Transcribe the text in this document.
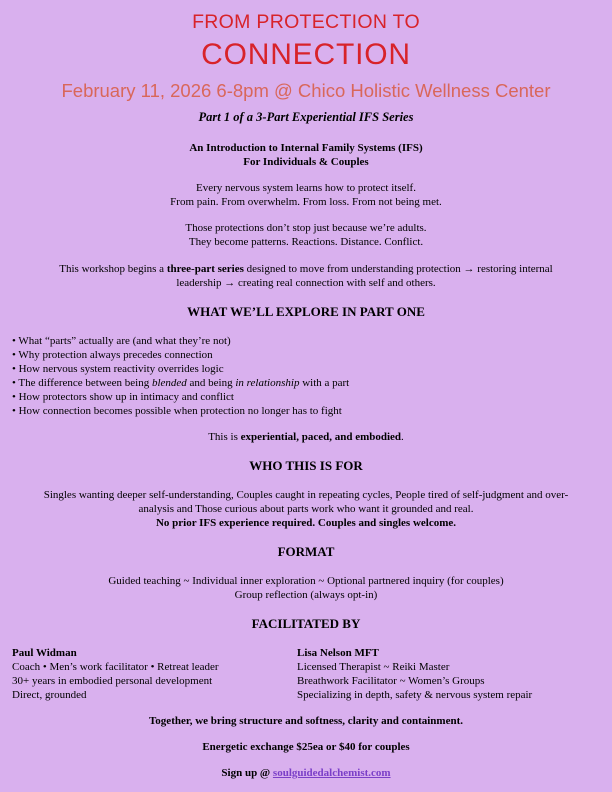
FROM PROTECTION TO
CONNECTION
February 11, 2026 6-8pm @ Chico Holistic Wellness Center
Part 1 of a 3-Part Experiential IFS Series
An Introduction to Internal Family Systems (IFS)
For Individuals & Couples
Every nervous system learns how to protect itself.
From pain. From overwhelm. From loss. From not being met.
Those protections don’t stop just because we’re adults.
They become patterns. Reactions. Distance. Conflict.
This workshop begins a three-part series designed to move from understanding protection → restoring internal
leadership → creating real connection with self and others.
WHAT WE’LL EXPLORE IN PART ONE
• What “parts” actually are (and what they’re not)
• Why protection always precedes connection
• How nervous system reactivity overrides logic
• The difference between being blended and being in relationship with a part
• How protectors show up in intimacy and conflict
• How connection becomes possible when protection no longer has to fight
This is experiential, paced, and embodied.
WHO THIS IS FOR
Singles wanting deeper self-understanding, Couples caught in repeating cycles, People tired of self-judgment and over-
analysis and Those curious about parts work who want it grounded and real.
No prior IFS experience required. Couples and singles welcome.
FORMAT
Guided teaching ~ Individual inner exploration ~ Optional partnered inquiry (for couples)
Group reflection (always opt-in)
FACILITATED BY
Paul Widman
Coach • Men’s work facilitator • Retreat leader
30+ years in embodied personal development
Direct, grounded
Lisa Nelson MFT
Licensed Therapist ~ Reiki Master
Breathwork Facilitator ~ Women’s Groups
Specializing in depth, safety & nervous system repair
Together, we bring structure and softness, clarity and containment.
Energetic exchange $25ea or $40 for couples
Sign up @ soulguidedalchemist.com
